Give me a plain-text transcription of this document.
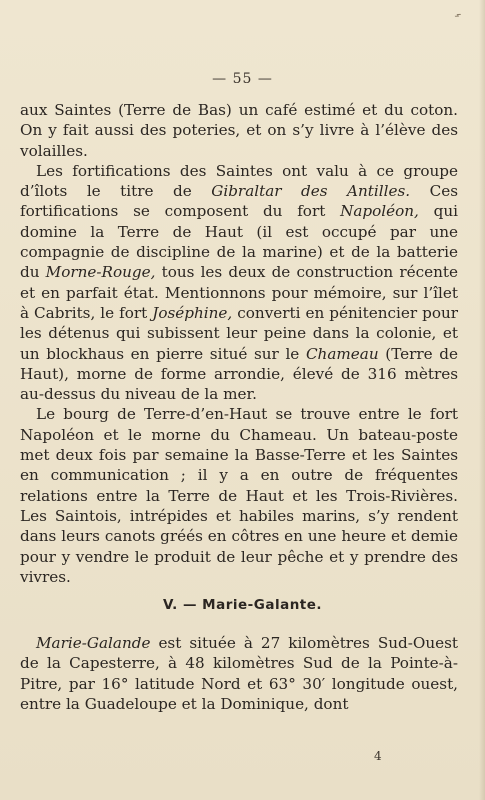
⌁
— 55 —

aux Saintes (Terre de Bas) un café estimé et du coton. On y fait aussi des poteries, et on s’y livre à l’élève des volailles.

Les fortifications des Saintes ont valu à ce groupe d’îlots le titre de Gibraltar des Antilles. Ces fortifications se composent du fort Napoléon, qui domine la Terre de Haut (il est occupé par une compagnie de discipline de la marine) et de la batterie du Morne-Rouge, tous les deux de construction récente et en parfait état. Mentionnons pour mémoire, sur l’îlet à Cabrits, le fort Joséphine, converti en pénitencier pour les détenus qui subissent leur peine dans la colonie, et un blockhaus en pierre situé sur le Chameau (Terre de Haut), morne de forme arrondie, élevé de 316 mètres au-dessus du niveau de la mer.

Le bourg de Terre-d’en-Haut se trouve entre le fort Napoléon et le morne du Chameau. Un bateau-poste met deux fois par semaine la Basse-Terre et les Saintes en communication ; il y a en outre de fréquentes relations entre la Terre de Haut et les Trois-Rivières. Les Saintois, intrépides et habiles marins, s’y rendent dans leurs canots gréés en côtres en une heure et demie pour y vendre le produit de leur pêche et y prendre des vivres.

V. — Marie-Galante.

Marie-Galande est située à 27 kilomètres Sud-Ouest de la Capesterre, à 48 kilomètres Sud de la Pointe-à-Pitre, par 16° latitude Nord et 63° 30′ longitude ouest, entre la Guadeloupe et la Dominique, dont

4
